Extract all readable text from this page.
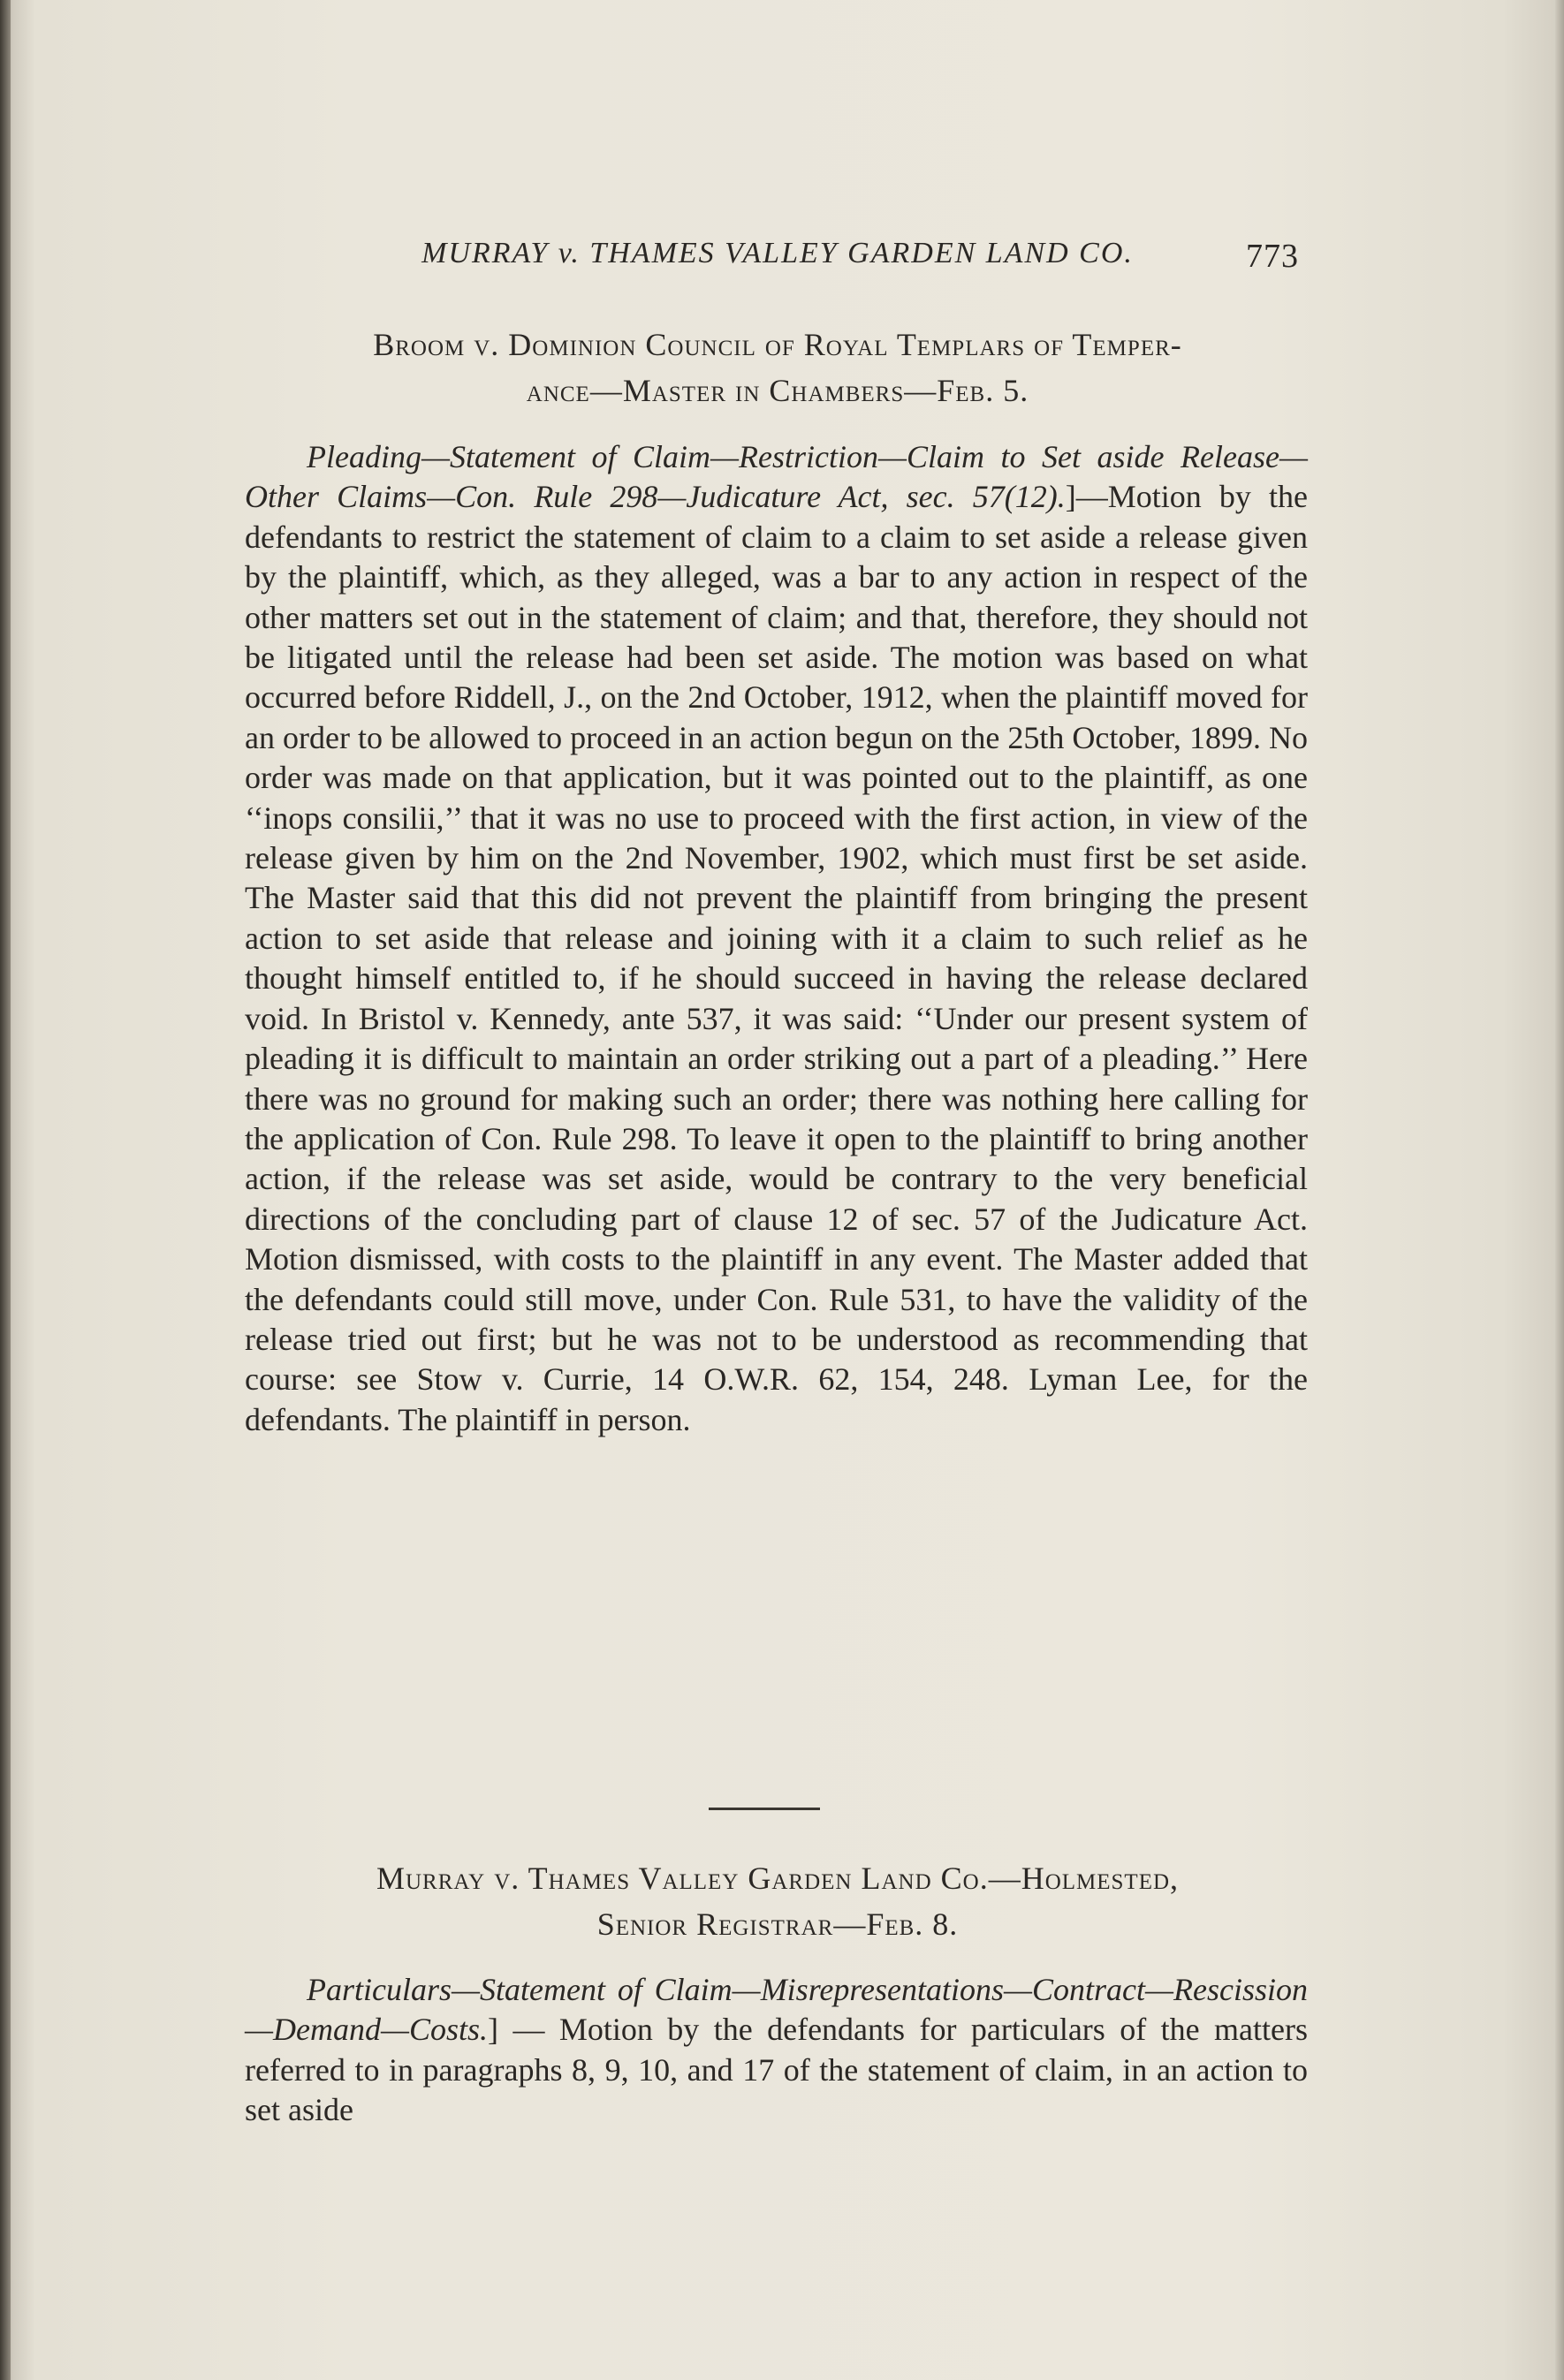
MURRAY v. THAMES VALLEY GARDEN LAND CO.	773
Broom v. Dominion Council of Royal Templars of Temper-
ance—Master in Chambers—Feb. 5.

Pleading—Statement of Claim—Restriction—Claim to Set aside Release—Other Claims—Con. Rule 298—Judicature Act, sec. 57(12).]—Motion by the defendants to restrict the statement of claim to a claim to set aside a release given by the plaintiff, which, as they alleged, was a bar to any action in respect of the other matters set out in the statement of claim; and that, therefore, they should not be litigated until the release had been set aside. The motion was based on what occurred before Riddell, J., on the 2nd October, 1912, when the plaintiff moved for an order to be allowed to proceed in an action begun on the 25th October, 1899. No order was made on that application, but it was pointed out to the plaintiff, as one ‘‘inops consilii,’’ that it was no use to proceed with the first action, in view of the release given by him on the 2nd November, 1902, which must first be set aside. The Master said that this did not prevent the plaintiff from bringing the present action to set aside that release and joining with it a claim to such relief as he thought himself entitled to, if he should succeed in having the release declared void. In Bristol v. Kennedy, ante 537, it was said: ‘‘Under our present system of pleading it is difficult to maintain an order striking out a part of a pleading.’’ Here there was no ground for making such an order; there was nothing here calling for the application of Con. Rule 298. To leave it open to the plaintiff to bring another action, if the release was set aside, would be contrary to the very beneficial directions of the concluding part of clause 12 of sec. 57 of the Judicature Act. Motion dismissed, with costs to the plaintiff in any event. The Master added that the defendants could still move, under Con. Rule 531, to have the validity of the release tried out first; but he was not to be understood as recommending that course: see Stow v. Currie, 14 O.W.R. 62, 154, 248. Lyman Lee, for the defendants. The plaintiff in person.

Murray v. Thames Valley Garden Land Co.—Holmested,
Senior Registrar—Feb. 8.

Particulars—Statement of Claim—Misrepresentations—Contract—Rescission—Demand—Costs.] — Motion by the defendants for particulars of the matters referred to in paragraphs 8, 9, 10, and 17 of the statement of claim, in an action to set aside
